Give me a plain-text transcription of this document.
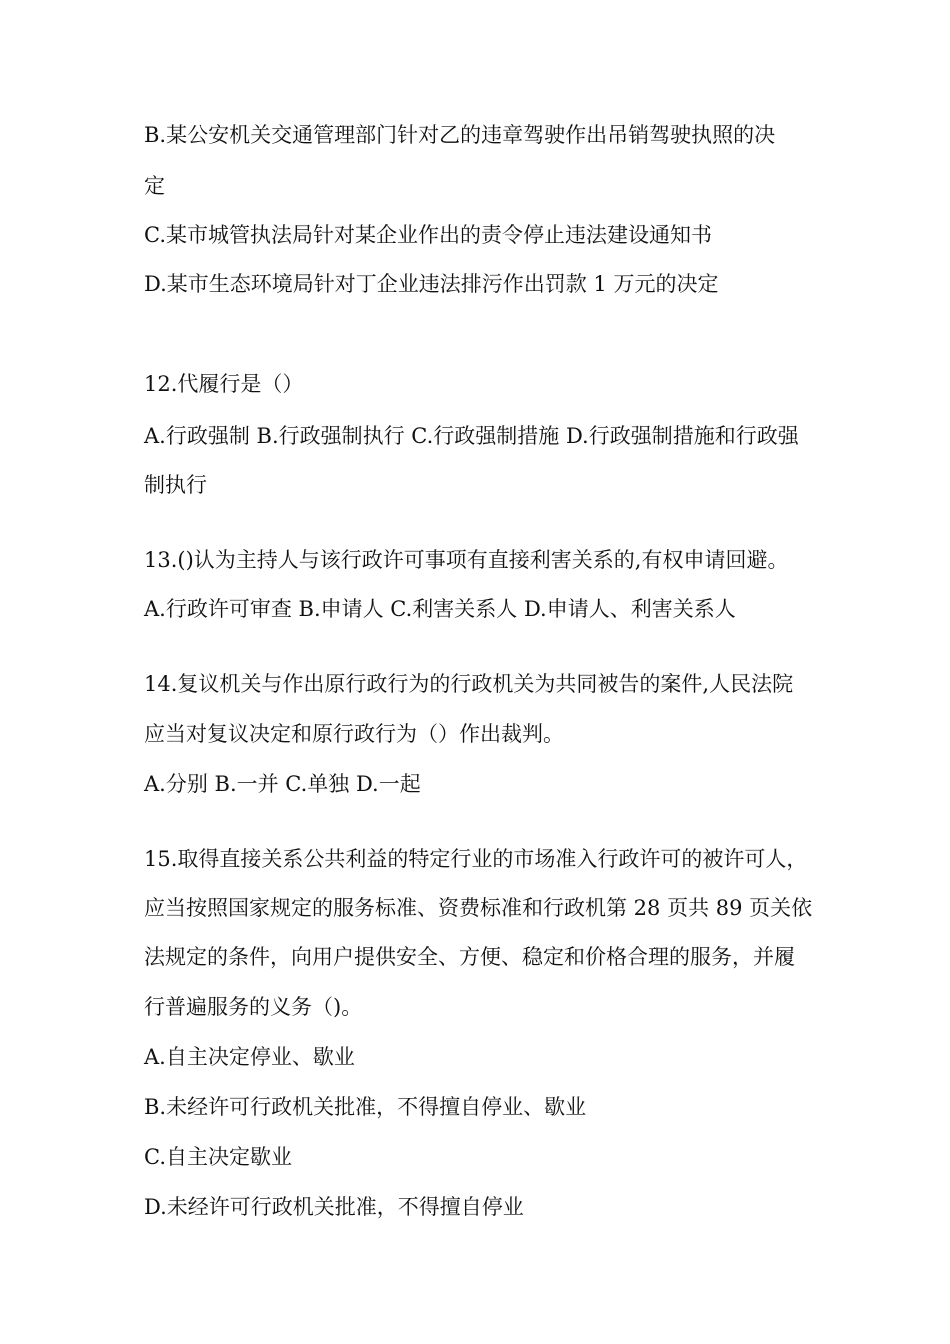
B.某公安机关交通管理部门针对乙的违章驾驶作出吊销驾驶执照的决
定
C.某市城管执法局针对某企业作出的责令停止违法建设通知书
D.某市生态环境局针对丁企业违法排污作出罚款 1 万元的决定
12.代履行是（）
A.行政强制 B.行政强制执行 C.行政强制措施 D.行政强制措施和行政强
制执行
13.()认为主持人与该行政许可事项有直接利害关系的,有权申请回避。
A.行政许可审查 B.申请人 C.利害关系人 D.申请人、利害关系人
14.复议机关与作出原行政行为的行政机关为共同被告的案件,人民法院
应当对复议决定和原行政行为（）作出裁判。
A.分别 B.一并 C.单独 D.一起
15.取得直接关系公共利益的特定行业的市场准入行政许可的被许可人，
应当按照国家规定的服务标准、资费标准和行政机第 28 页共 89 页关依
法规定的条件，向用户提供安全、方便、稳定和价格合理的服务，并履
行普遍服务的义务（)。
A.自主决定停业、歇业
B.未经许可行政机关批准，不得擅自停业、歇业
C.自主决定歇业
D.未经许可行政机关批准，不得擅自停业
